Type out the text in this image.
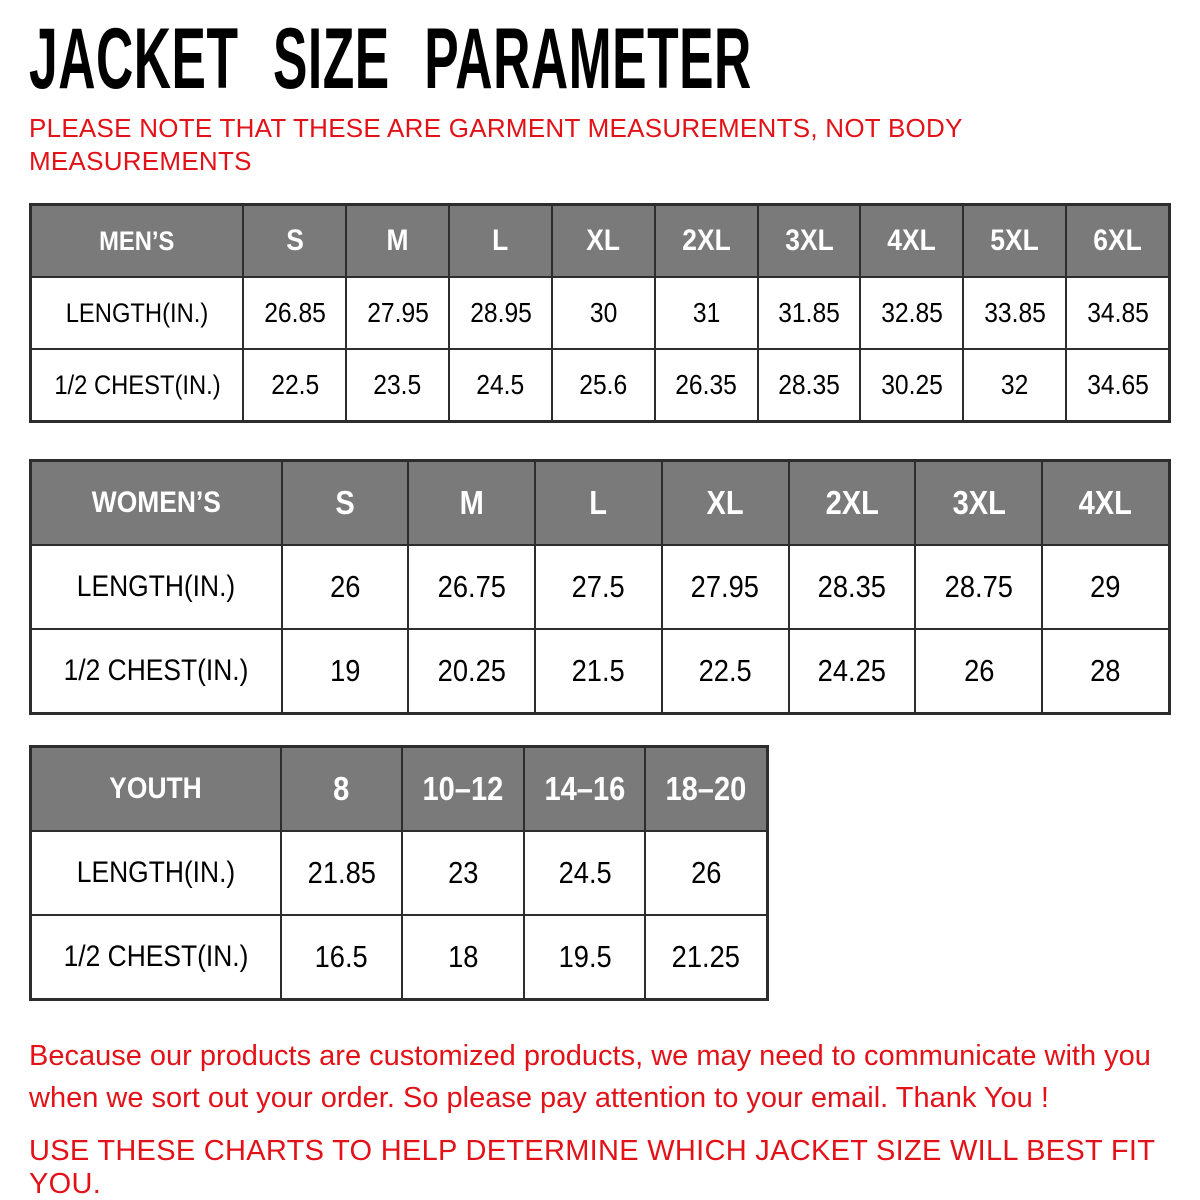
JACKET SIZE PARAMETER
PLEASE NOTE THAT THESE ARE GARMENT MEASUREMENTS, NOT BODY
MEASUREMENTS
MEN’S	S	M	L	XL 2XL 3XL 4XL 5XL 6XL
LENGTH(IN.) 26.85 27.95 28.95 30	31 31.85 32.85 33.85 34.85
1/2 CHEST(IN.) 22.5 23.5 24.5 25.6 26.35 28.35 30.25 32 34.65
WOMEN’S	S	M	L	XL 2XL 3XL 4XL
LENGTH(IN.)	26 26.75 27.5 27.95 28.35 28.75 29
1/2 CHEST(IN.)	19 20.25 21.5 22.5 24.25 26	28
YOUTH	8 10–12 14–16 18–20
LENGTH(IN.) 21.85 23	24.5	26
1/2 CHEST(IN.) 16.5	18	19.5 21.25
Because our products are customized products, we may need to communicate with you
when we sort out your order. So please pay attention to your email. Thank You !
USE THESE CHARTS TO HELP DETERMINE WHICH JACKET SIZE WILL BEST FIT YOU.
